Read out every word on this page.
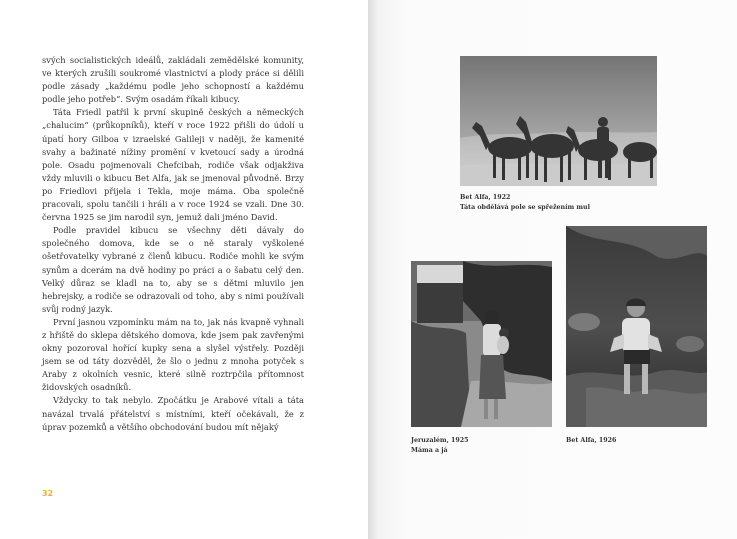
svých socialistických ideálů, zakládali zemědělské komunity, ve kterých zrušili soukromé vlastnictví a plody práce si dělili podle zásady „každému podle jeho schopností a každému podle jeho potřeb“. Svým osadám říkali kibucy.

Táta Friedl patřil k první skupině českých a německých „chalucim“ (průkopníků), kteří v roce 1922 přišli do údolí u úpatí hory Gilboa v izraelské Galileji v naději, že kamenité svahy a bažinaté nížiny promění v kvetoucí sady a úrodná pole. Osadu pojmenovali Chefcibah, rodiče však odjakživa vždy mluvili o kibucu Bet Alfa, jak se jmenoval původně. Brzy po Friedlovi přijela i Tekla, moje máma. Oba společně pracovali, spolu tančili i hráli a v roce 1924 se vzali. Dne 30. června 1925 se jim narodil syn, jemuž dali jméno David.

Podle pravidel kibucu se všechny děti dávaly do společného domova, kde se o ně staraly vyškolené ošetřovatelky vybrané z členů kibucu. Rodiče mohli ke svým synům a dcerám na dvě hodiny po práci a o šabatu celý den. Velký důraz se kladl na to, aby se s dětmi mluvilo jen hebrejsky, a rodiče se odrazovali od toho, aby s nimi používali svůj rodný jazyk.

První jasnou vzpomínku mám na to, jak nás kvapně vyhnali z hřiště do sklepa dětského domova, kde jsem pak zavřenými okny pozoroval hořící kupky sena a slyšel výstřely. Později jsem se od táty dozvěděl, že šlo o jednu z mnoha potyček s Araby z okolních vesnic, které silně roztrpčila přítomnost židovských osadníků.

Vždycky to tak nebylo. Zpočátku je Arabové vítali a táta navázal trvalá přátelství s místními, kteří očekávali, že z úprav pozemků a většího obchodování budou mít nějaký

32
Bet Alfa, 1922
Táta obdělává pole se spřežením mul
Jeruzalém, 1925
Máma a já
Bet Alfa, 1926
